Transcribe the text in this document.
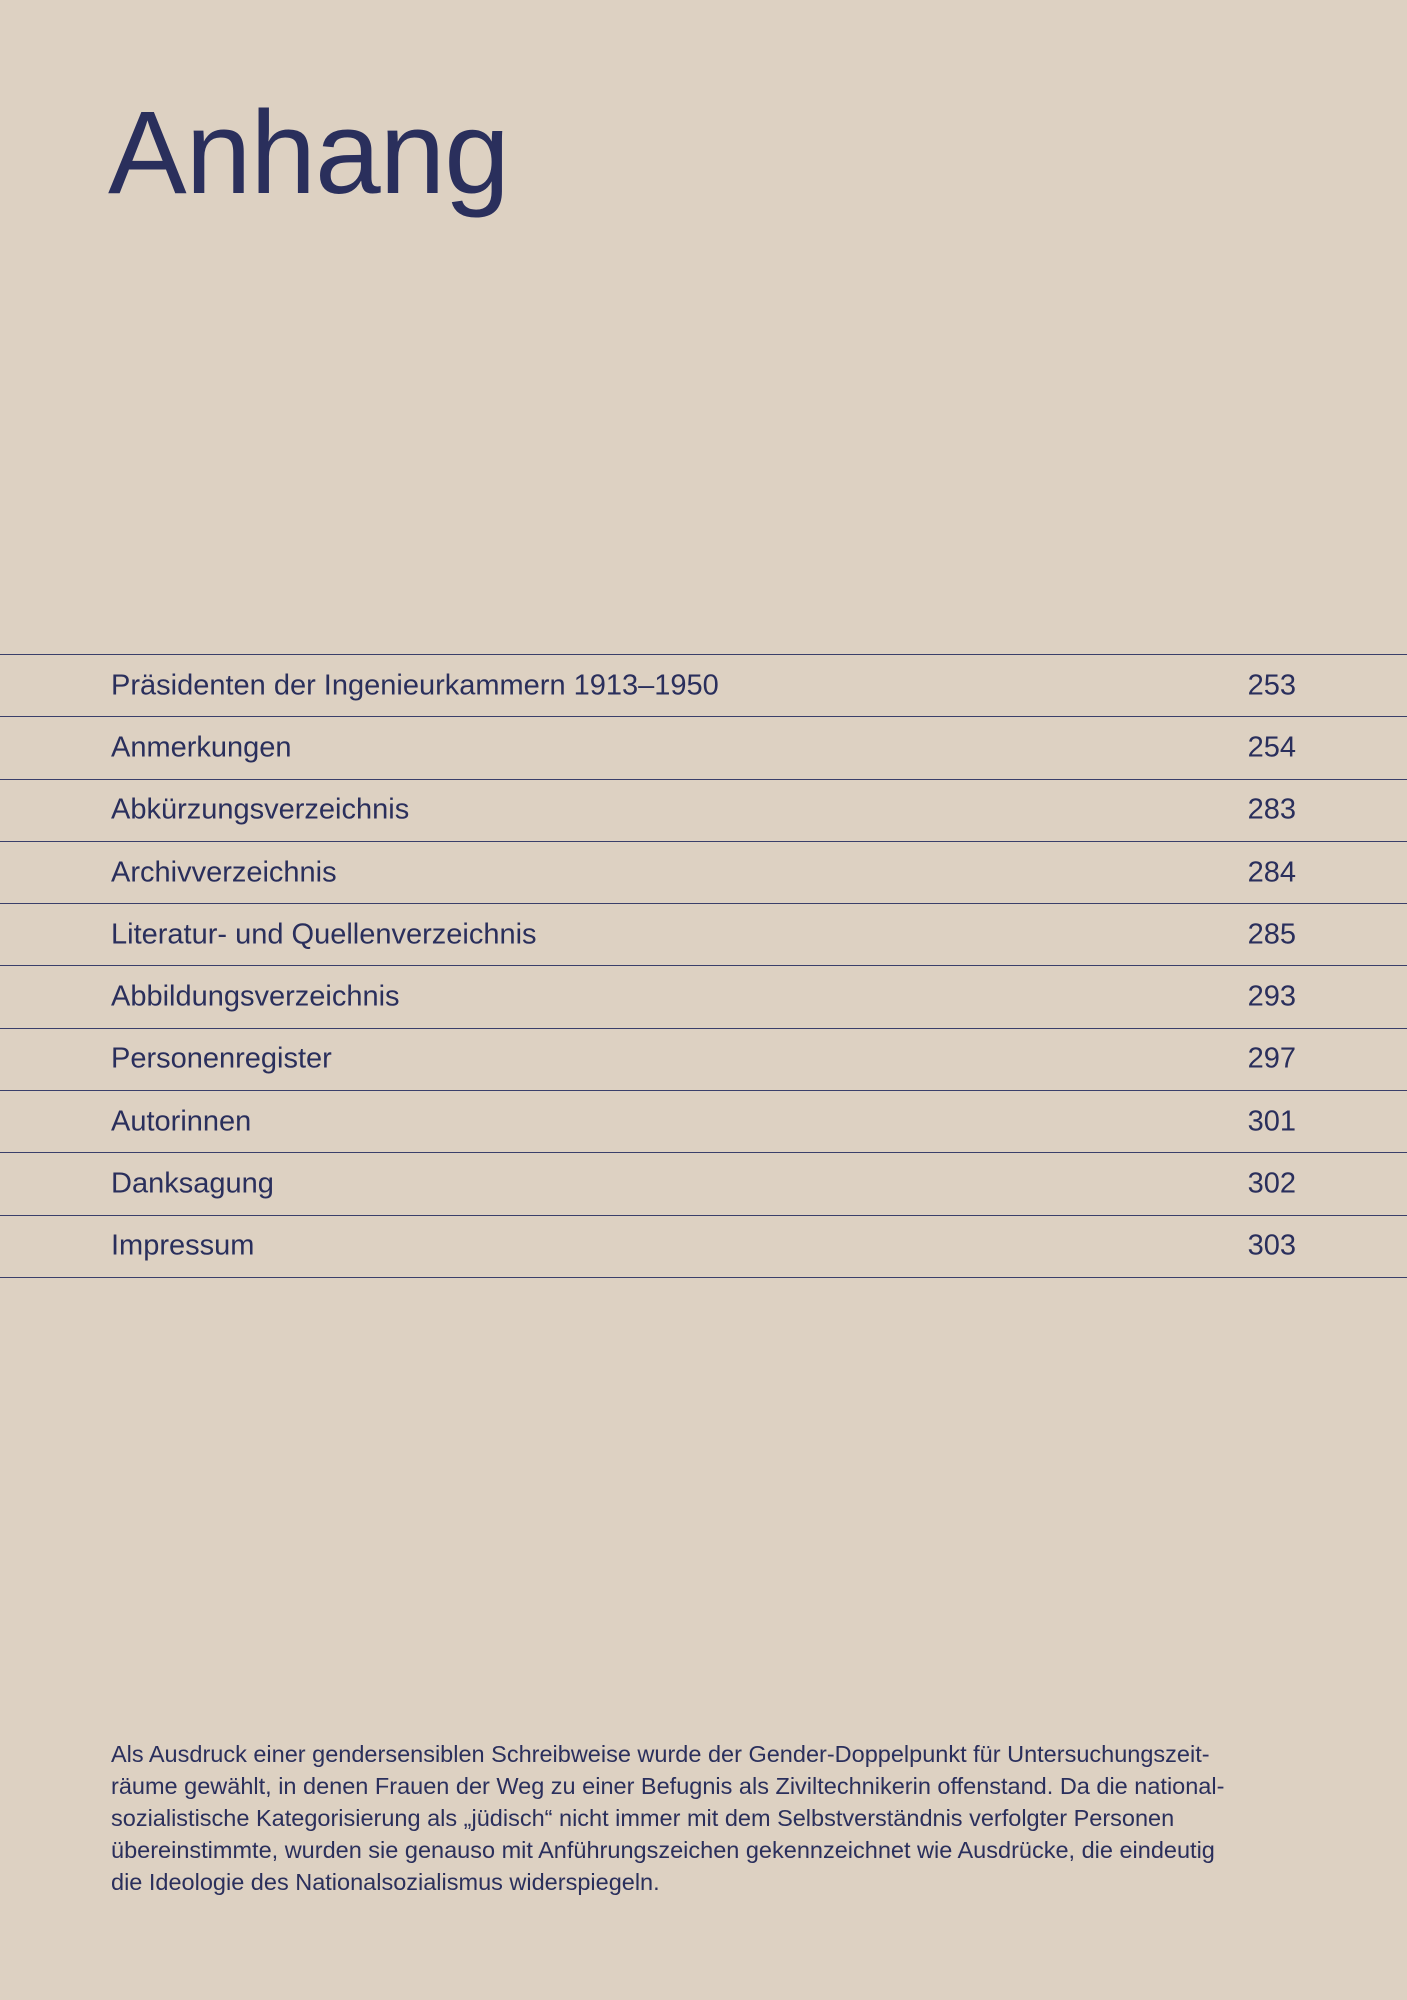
Anhang
Präsidenten der Ingenieurkammern 1913–1950	253
Anmerkungen	254
Abkürzungsverzeichnis	283
Archivverzeichnis	284
Literatur- und Quellenverzeichnis	285
Abbildungsverzeichnis	293
Personenregister	297
Autorinnen	301
Danksagung	302
Impressum	303

Als Ausdruck einer gendersensiblen Schreibweise wurde der Gender-Doppelpunkt für Untersuchungszeit-
räume gewählt, in denen Frauen der Weg zu einer Befugnis als Ziviltechnikerin offenstand. Da die national-
sozialistische Kategorisierung als „jüdisch“ nicht immer mit dem Selbstverständnis verfolgter Personen
übereinstimmte, wurden sie genauso mit Anführungszeichen gekennzeichnet wie Ausdrücke, die eindeutig
die Ideologie des Nationalsozialismus widerspiegeln.
